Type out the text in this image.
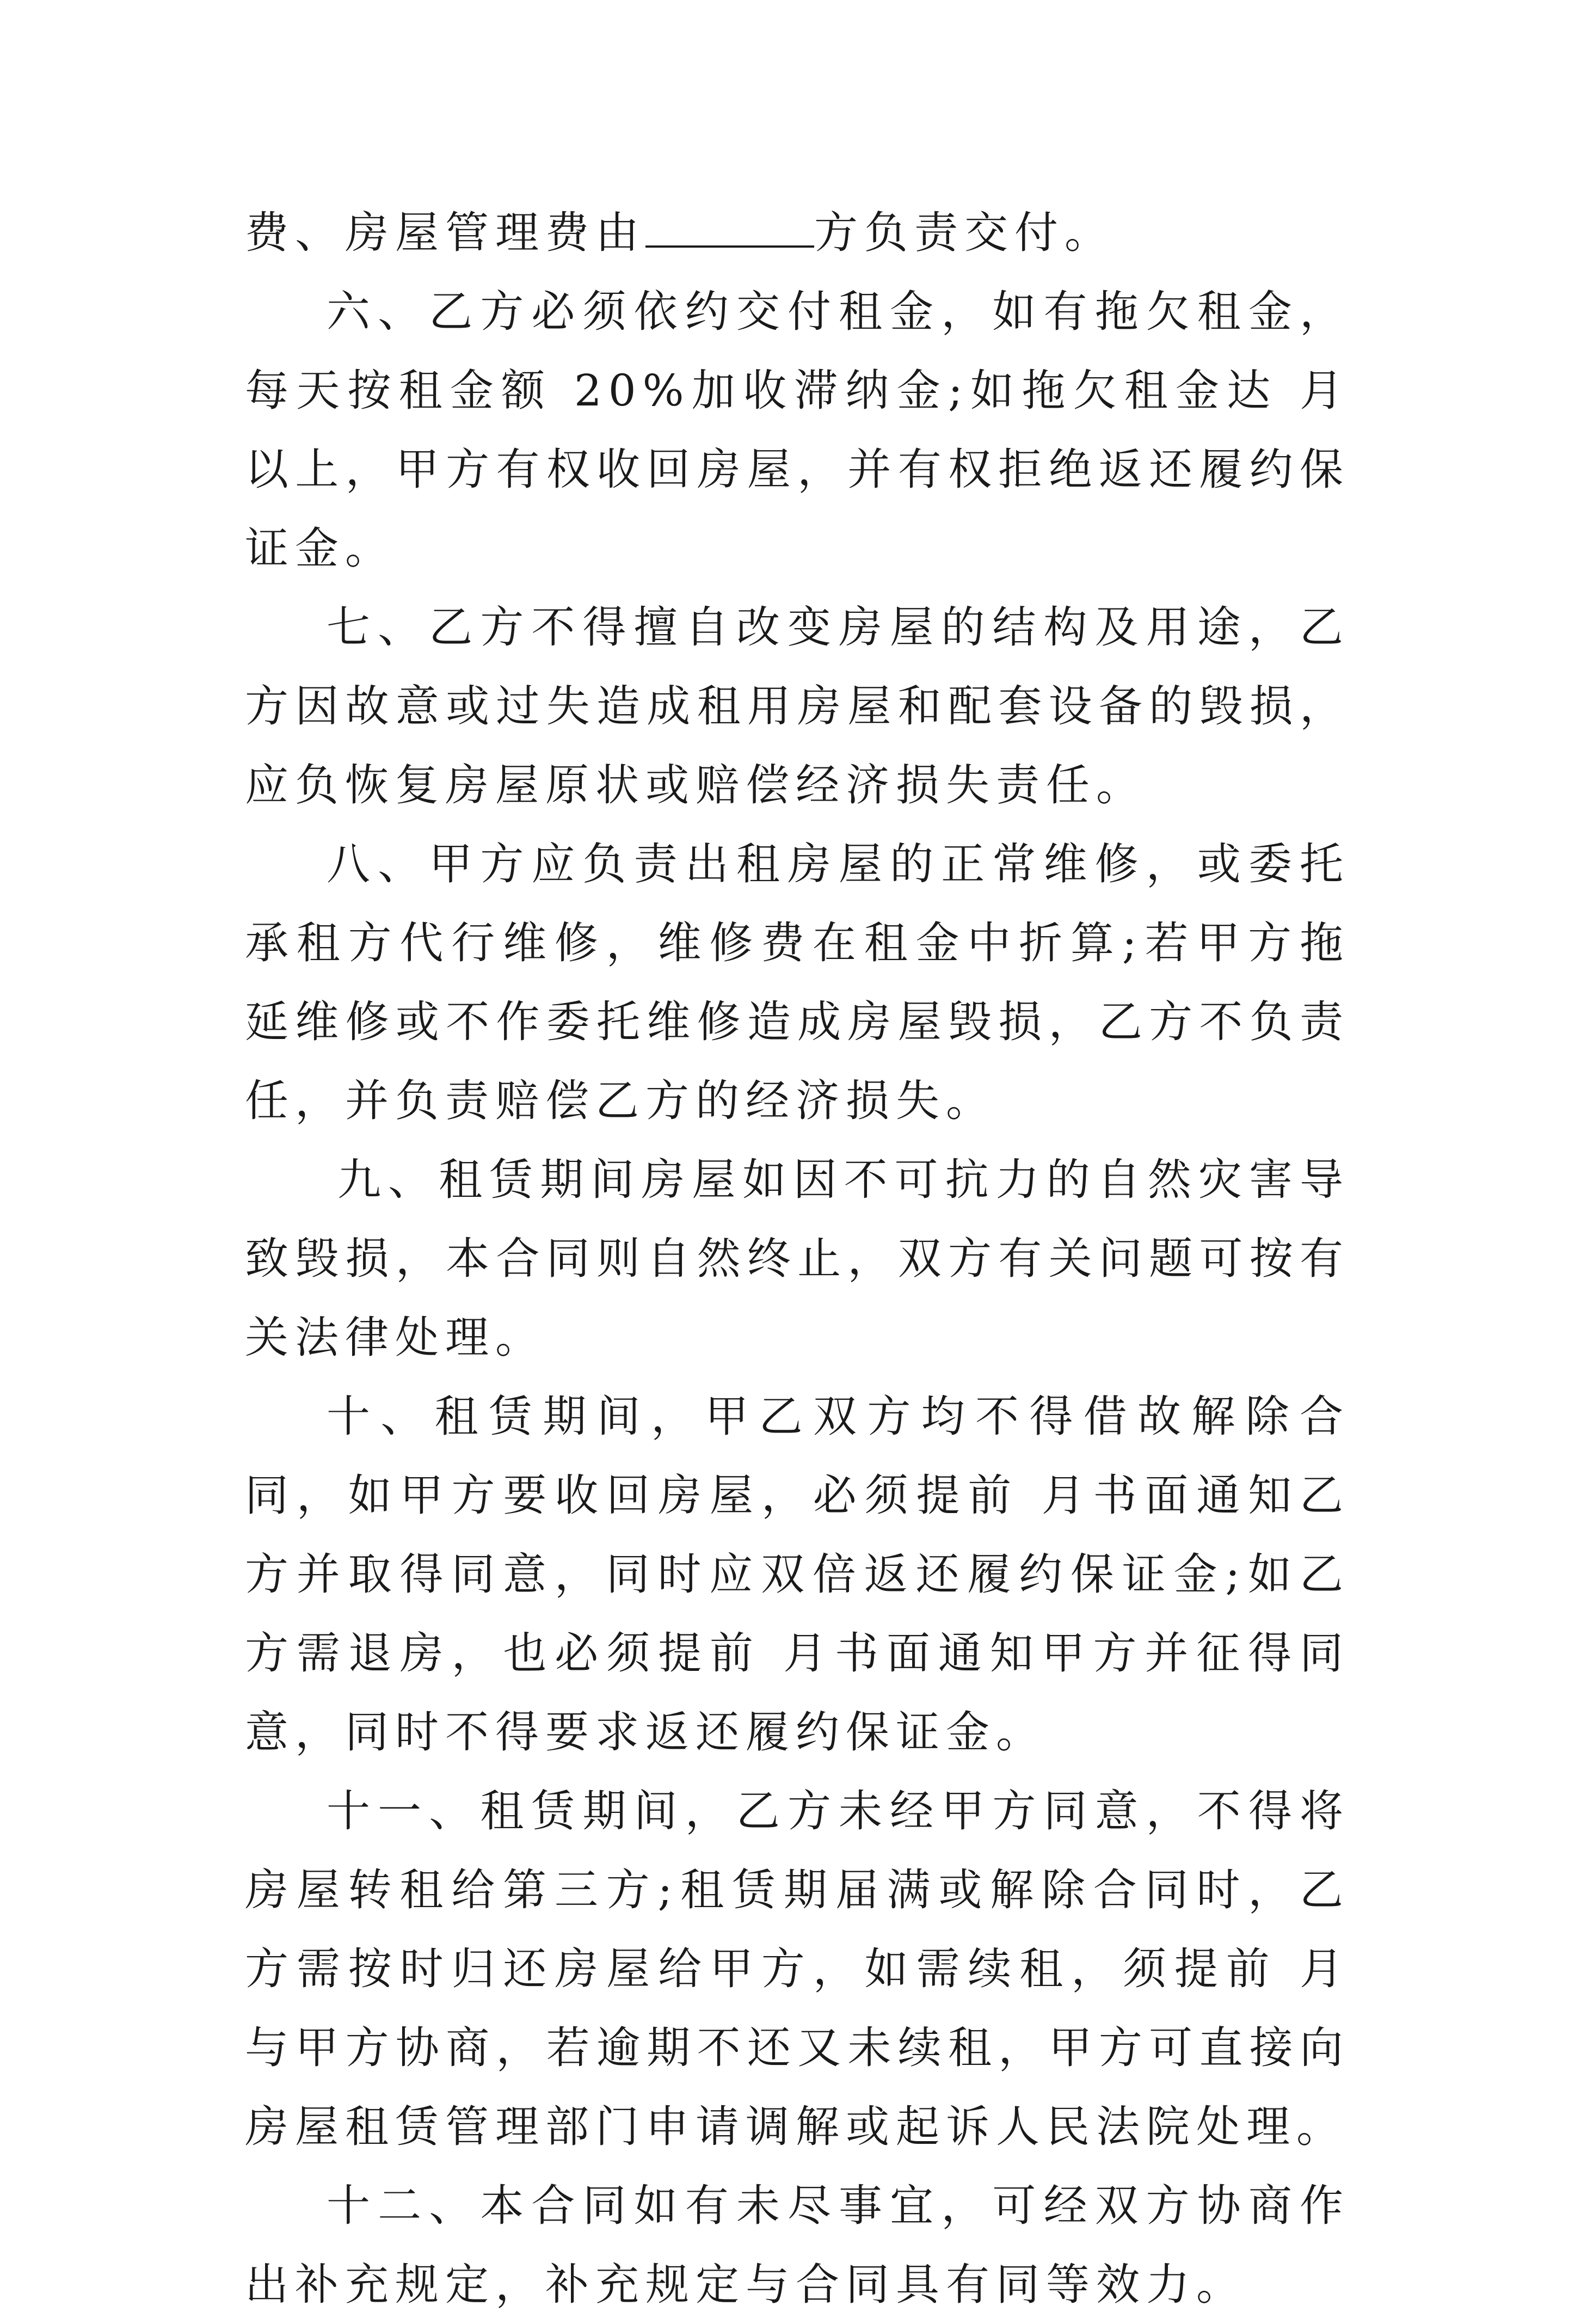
费、房屋管理费由	方负责交付。

六、乙方必须依约交付租金，如有拖欠租金，每天按租金额 20%加收滞纳金;如拖欠租金达 月以上，甲方有权收回房屋，并有权拒绝返还履约保证金。

七、乙方不得擅自改变房屋的结构及用途，乙方因故意或过失造成租用房屋和配套设备的毁损，应负恢复房屋原状或赔偿经济损失责任。

八、甲方应负责出租房屋的正常维修，或委托承租方代行维修，维修费在租金中折算;若甲方拖延维修或不作委托维修造成房屋毁损，乙方不负责任，并负责赔偿乙方的经济损失。

九、租赁期间房屋如因不可抗力的自然灾害导致毁损，本合同则自然终止，双方有关问题可按有关法律处理。

十、租赁期间，甲乙双方均不得借故解除合同，如甲方要收回房屋，必须提前 月书面通知乙方并取得同意，同时应双倍返还履约保证金;如乙方需退房，也必须提前 月书面通知甲方并征得同意，同时不得要求返还履约保证金。

十一、租赁期间，乙方未经甲方同意，不得将房屋转租给第三方;租赁期届满或解除合同时，乙方需按时归还房屋给甲方，如需续租，须提前 月与甲方协商，若逾期不还又未续租，甲方可直接向房屋租赁管理部门申请调解或起诉人民法院处理。

十二、本合同如有未尽事宜，可经双方协商作出补充规定，补充规定与合同具有同等效力。
